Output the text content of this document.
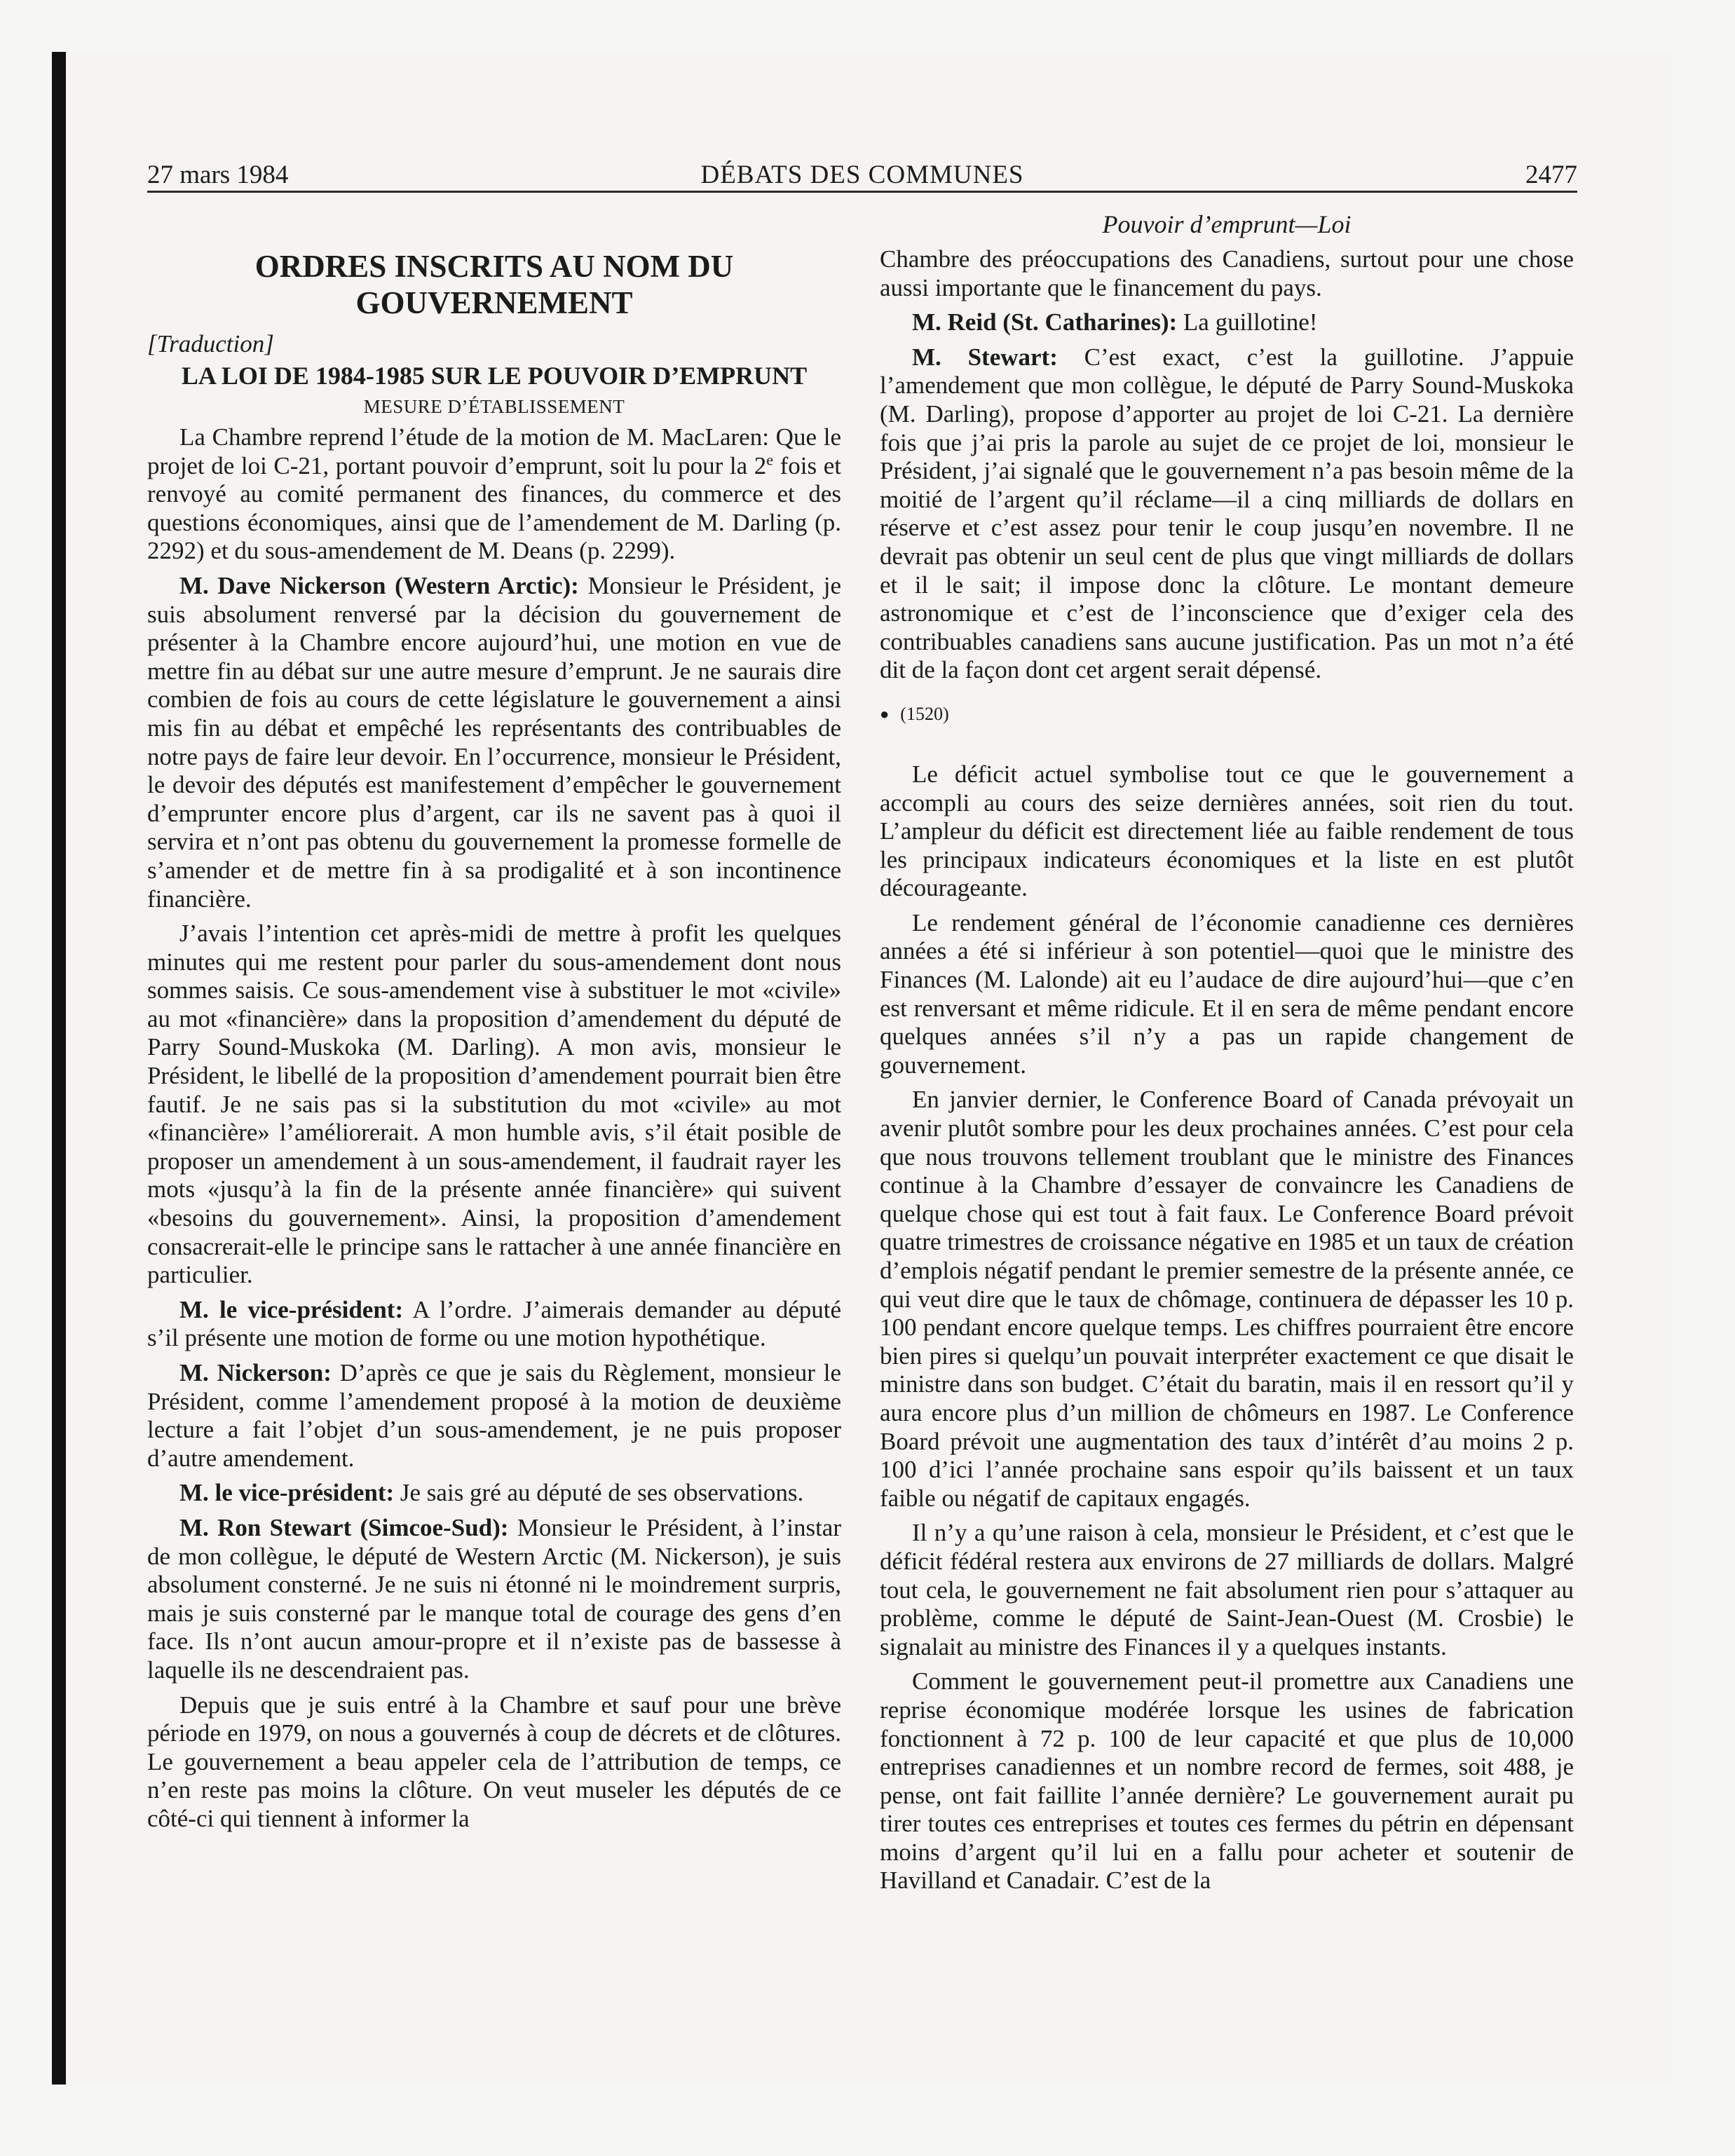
27 mars 1984	DÉBATS DES COMMUNES	2477
ORDRES INSCRITS AU NOM DU GOUVERNEMENT
[Traduction]
LA LOI DE 1984-1985 SUR LE POUVOIR D’EMPRUNT
MESURE D’ÉTABLISSEMENT

La Chambre reprend l’étude de la motion de M. MacLaren: Que le projet de loi C-21, portant pouvoir d’emprunt, soit lu pour la 2e fois et renvoyé au comité permanent des finances, du commerce et des questions économiques, ainsi que de l’amendement de M. Darling (p. 2292) et du sous-amendement de M. Deans (p. 2299).

M. Dave Nickerson (Western Arctic): Monsieur le Président, je suis absolument renversé par la décision du gouvernement de présenter à la Chambre encore aujourd’hui, une motion en vue de mettre fin au débat sur une autre mesure d’emprunt. Je ne saurais dire combien de fois au cours de cette législature le gouvernement a ainsi mis fin au débat et empêché les représentants des contribuables de notre pays de faire leur devoir. En l’occurrence, monsieur le Président, le devoir des députés est manifestement d’empêcher le gouvernement d’emprunter encore plus d’argent, car ils ne savent pas à quoi il servira et n’ont pas obtenu du gouvernement la promesse formelle de s’amender et de mettre fin à sa prodigalité et à son incontinence financière.

J’avais l’intention cet après-midi de mettre à profit les quelques minutes qui me restent pour parler du sous-amendement dont nous sommes saisis. Ce sous-amendement vise à substituer le mot «civile» au mot «financière» dans la proposition d’amendement du député de Parry Sound-Muskoka (M. Darling). A mon avis, monsieur le Président, le libellé de la proposition d’amendement pourrait bien être fautif. Je ne sais pas si la substitution du mot «civile» au mot «financière» l’améliorerait. A mon humble avis, s’il était posible de proposer un amendement à un sous-amendement, il faudrait rayer les mots «jusqu’à la fin de la présente année financière» qui suivent «besoins du gouvernement». Ainsi, la proposition d’amendement consacrerait-elle le principe sans le rattacher à une année financière en particulier.

M. le vice-président: A l’ordre. J’aimerais demander au député s’il présente une motion de forme ou une motion hypothétique.

M. Nickerson: D’après ce que je sais du Règlement, monsieur le Président, comme l’amendement proposé à la motion de deuxième lecture a fait l’objet d’un sous-amendement, je ne puis proposer d’autre amendement.

M. le vice-président: Je sais gré au député de ses observations.

M. Ron Stewart (Simcoe-Sud): Monsieur le Président, à l’instar de mon collègue, le député de Western Arctic (M. Nickerson), je suis absolument consterné. Je ne suis ni étonné ni le moindrement surpris, mais je suis consterné par le manque total de courage des gens d’en face. Ils n’ont aucun amour-propre et il n’existe pas de bassesse à laquelle ils ne descendraient pas.

Depuis que je suis entré à la Chambre et sauf pour une brève période en 1979, on nous a gouvernés à coup de décrets et de clôtures. Le gouvernement a beau appeler cela de l’attribution de temps, ce n’en reste pas moins la clôture. On veut museler les députés de ce côté-ci qui tiennent à informer la

Pouvoir d’emprunt—Loi

Chambre des préoccupations des Canadiens, surtout pour une chose aussi importante que le financement du pays.

M. Reid (St. Catharines): La guillotine!

M. Stewart: C’est exact, c’est la guillotine. J’appuie l’amendement que mon collègue, le député de Parry Sound-Muskoka (M. Darling), propose d’apporter au projet de loi C-21. La dernière fois que j’ai pris la parole au sujet de ce projet de loi, monsieur le Président, j’ai signalé que le gouvernement n’a pas besoin même de la moitié de l’argent qu’il réclame—il a cinq milliards de dollars en réserve et c’est assez pour tenir le coup jusqu’en novembre. Il ne devrait pas obtenir un seul cent de plus que vingt milliards de dollars et il le sait; il impose donc la clôture. Le montant demeure astronomique et c’est de l’inconscience que d’exiger cela des contribuables canadiens sans aucune justification. Pas un mot n’a été dit de la façon dont cet argent serait dépensé.

● (1520)

Le déficit actuel symbolise tout ce que le gouvernement a accompli au cours des seize dernières années, soit rien du tout. L’ampleur du déficit est directement liée au faible rendement de tous les principaux indicateurs économiques et la liste en est plutôt décourageante.

Le rendement général de l’économie canadienne ces dernières années a été si inférieur à son potentiel—quoi que le ministre des Finances (M. Lalonde) ait eu l’audace de dire aujourd’hui—que c’en est renversant et même ridicule. Et il en sera de même pendant encore quelques années s’il n’y a pas un rapide changement de gouvernement.

En janvier dernier, le Conference Board of Canada prévoyait un avenir plutôt sombre pour les deux prochaines années. C’est pour cela que nous trouvons tellement troublant que le ministre des Finances continue à la Chambre d’essayer de convaincre les Canadiens de quelque chose qui est tout à fait faux. Le Conference Board prévoit quatre trimestres de croissance négative en 1985 et un taux de création d’emplois négatif pendant le premier semestre de la présente année, ce qui veut dire que le taux de chômage, continuera de dépasser les 10 p. 100 pendant encore quelque temps. Les chiffres pourraient être encore bien pires si quelqu’un pouvait interpréter exactement ce que disait le ministre dans son budget. C’était du baratin, mais il en ressort qu’il y aura encore plus d’un million de chômeurs en 1987. Le Conference Board prévoit une augmentation des taux d’intérêt d’au moins 2 p. 100 d’ici l’année prochaine sans espoir qu’ils baissent et un taux faible ou négatif de capitaux engagés.

Il n’y a qu’une raison à cela, monsieur le Président, et c’est que le déficit fédéral restera aux environs de 27 milliards de dollars. Malgré tout cela, le gouvernement ne fait absolument rien pour s’attaquer au problème, comme le député de Saint-Jean-Ouest (M. Crosbie) le signalait au ministre des Finances il y a quelques instants.

Comment le gouvernement peut-il promettre aux Canadiens une reprise économique modérée lorsque les usines de fabrication fonctionnent à 72 p. 100 de leur capacité et que plus de 10,000 entreprises canadiennes et un nombre record de fermes, soit 488, je pense, ont fait faillite l’année dernière? Le gouvernement aurait pu tirer toutes ces entreprises et toutes ces fermes du pétrin en dépensant moins d’argent qu’il lui en a fallu pour acheter et soutenir de Havilland et Canadair. C’est de la
